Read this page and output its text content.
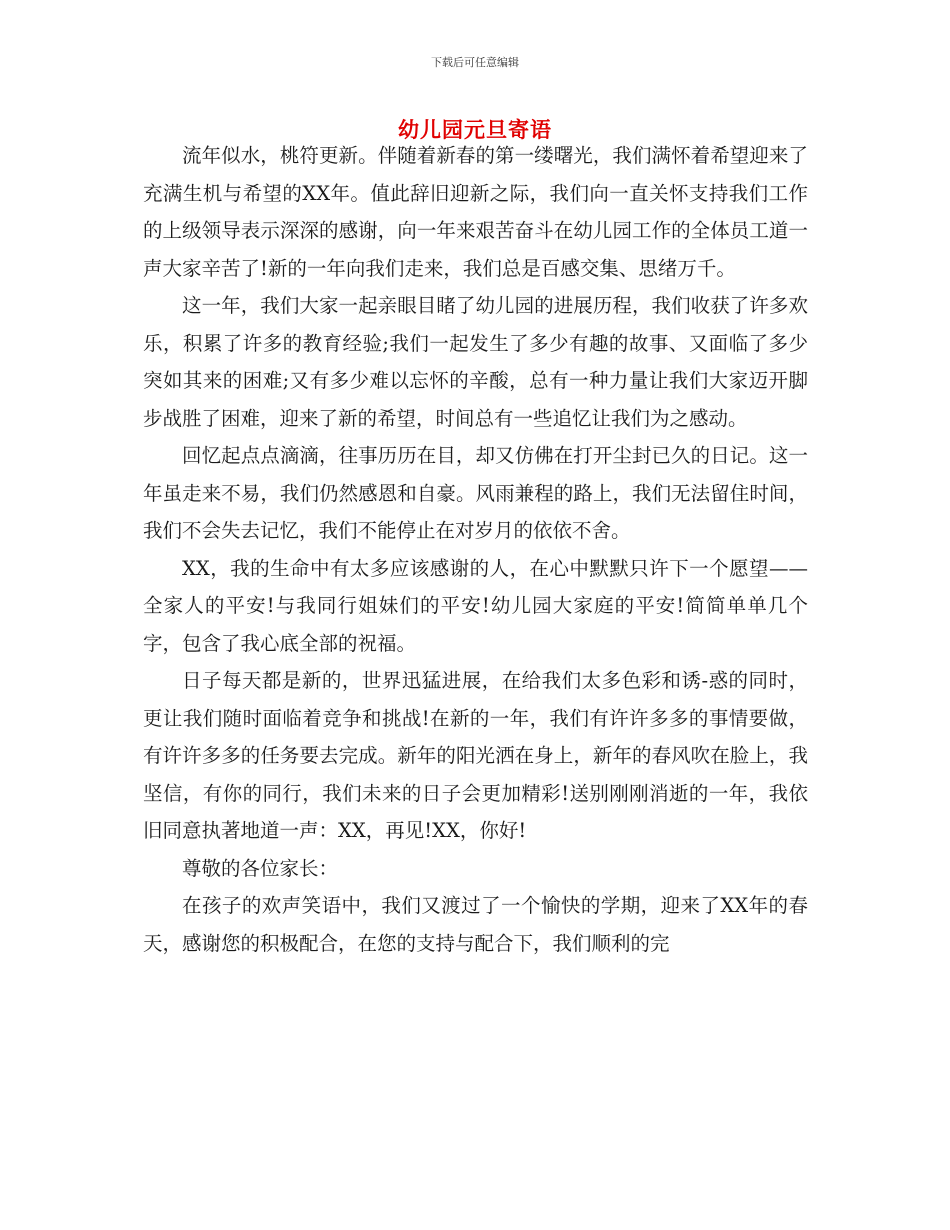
下载后可任意编辑
幼儿园元旦寄语

流年似水，桃符更新。伴随着新春的第一缕曙光，我们满怀着希望迎来了充满生机与希望的XX年。值此辞旧迎新之际，我们向一直关怀支持我们工作的上级领导表示深深的感谢，向一年来艰苦奋斗在幼儿园工作的全体员工道一声大家辛苦了!新的一年向我们走来，我们总是百感交集、思绪万千。

这一年，我们大家一起亲眼目睹了幼儿园的进展历程，我们收获了许多欢乐，积累了许多的教育经验;我们一起发生了多少有趣的故事、又面临了多少突如其来的困难;又有多少难以忘怀的辛酸，总有一种力量让我们大家迈开脚步战胜了困难，迎来了新的希望，时间总有一些追忆让我们为之感动。

回忆起点点滴滴，往事历历在目，却又仿佛在打开尘封已久的日记。这一年虽走来不易，我们仍然感恩和自豪。风雨兼程的路上，我们无法留住时间，我们不会失去记忆，我们不能停止在对岁月的依依不舍。

XX，我的生命中有太多应该感谢的人，在心中默默只许下一个愿望——全家人的平安!与我同行姐妹们的平安!幼儿园大家庭的平安!简简单单几个字，包含了我心底全部的祝福。

日子每天都是新的，世界迅猛进展，在给我们太多色彩和诱-惑的同时，更让我们随时面临着竞争和挑战!在新的一年，我们有许许多多的事情要做，有许许多多的任务要去完成。新年的阳光洒在身上，新年的春风吹在脸上，我坚信，有你的同行，我们未来的日子会更加精彩!送别刚刚消逝的一年，我依旧同意执著地道一声：XX，再见!XX，你好!

尊敬的各位家长：

在孩子的欢声笑语中，我们又渡过了一个愉快的学期，迎来了XX年的春天，感谢您的积极配合，在您的支持与配合下，我们顺利的完
